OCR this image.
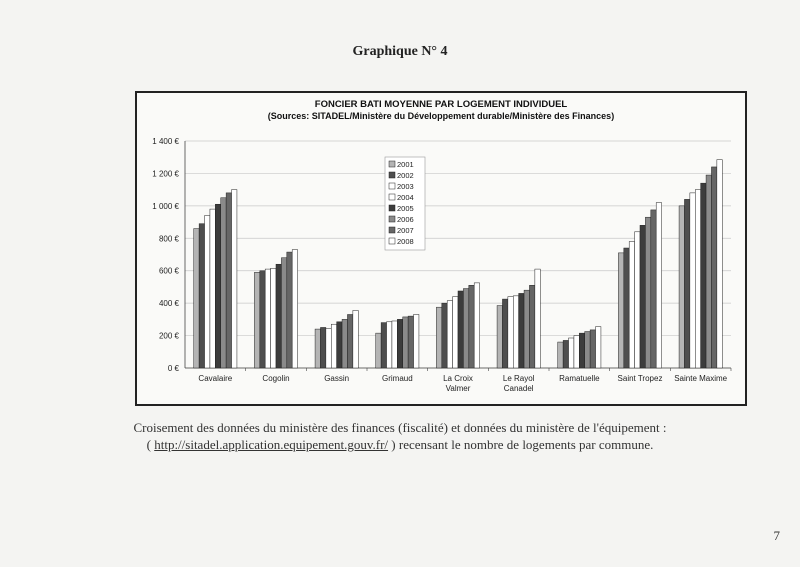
Graphique N° 4
FONCIER BATI MOYENNE PAR LOGEMENT INDIVIDUEL
(Sources: SITADEL/Ministère du Développement durable/Ministère des Finances)
0 €
200 €
400 €
600 €
800 €
1 000 €
1 200 €
1 400 €
Cavalaire	Cogolin	Gassin	Grimaud	La Croix
Valmer
Le Rayol
Canadel
Ramatuelle Saint Tropez Sainte Maxime
2001
2002
2003
2004
2005
2006
2007
2008
Croisement des données du ministère des finances (fiscalité) et données du ministère de l'équipement :
( http://sitadel.application.equipement.gouv.fr/ ) recensant le nombre de logements par commune.
7
